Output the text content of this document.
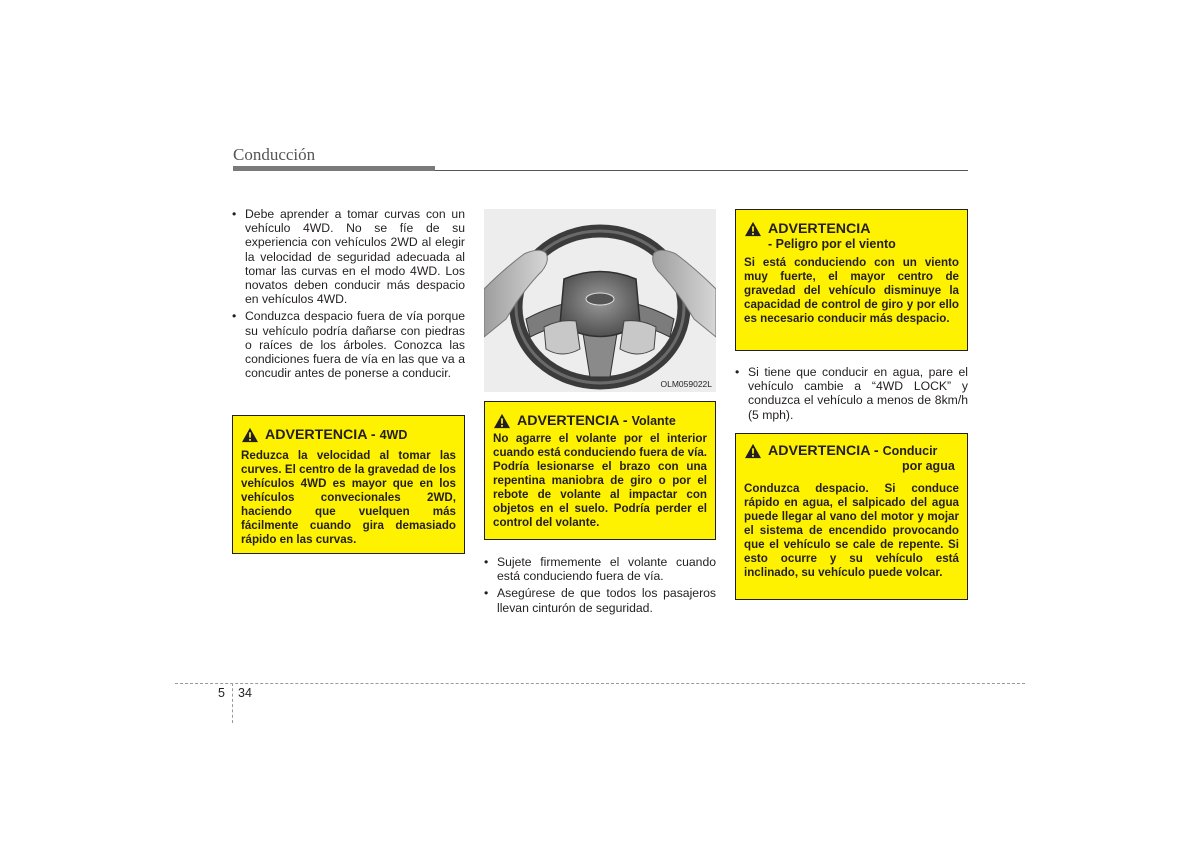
Conducción
• Debe aprender a tomar curvas con un vehículo 4WD. No se fíe de su experiencia con vehículos 2WD al elegir la velocidad de seguridad adecuada al tomar las curvas en el modo 4WD. Los novatos deben conducir más despacio en vehículos 4WD.
• Conduzca despacio fuera de vía porque su vehículo podría dañarse con piedras o raíces de los árboles. Conozca las condiciones fuera de vía en las que va a concudir antes de ponerse a conducir.
ADVERTENCIA - 4WD
Reduzca la velocidad al tomar las curves. El centro de la gravedad de los vehículos 4WD es mayor que en los vehículos convecionales 2WD, haciendo que vuelquen más fácilmente cuando gira demasiado rápido en las curvas.
OLM059022L
ADVERTENCIA - Volante
No agarre el volante por el interior cuando está conduciendo fuera de vía. Podría lesionarse el brazo con una repentina maniobra de giro o por el rebote de volante al impactar con objetos en el suelo. Podría perder el control del volante.
• Sujete firmemente el volante cuando está conduciendo fuera de vía.
• Asegúrese de que todos los pasajeros llevan cinturón de seguridad.
ADVERTENCIA
- Peligro por el viento
Si está conduciendo con un viento muy fuerte, el mayor centro de gravedad del vehículo disminuye la capacidad de control de giro y por ello es necesario conducir más despacio.
• Si tiene que conducir en agua, pare el vehículo cambie a “4WD LOCK” y conduzca el vehículo a menos de 8km/h (5 mph).
ADVERTENCIA - Conducir
por agua
Conduzca despacio. Si conduce rápido en agua, el salpicado del agua puede llegar al vano del motor y mojar el sistema de encendido provocando que el vehículo se cale de repente. Si esto ocurre y su vehículo está inclinado, su vehículo puede volcar.
5 34
